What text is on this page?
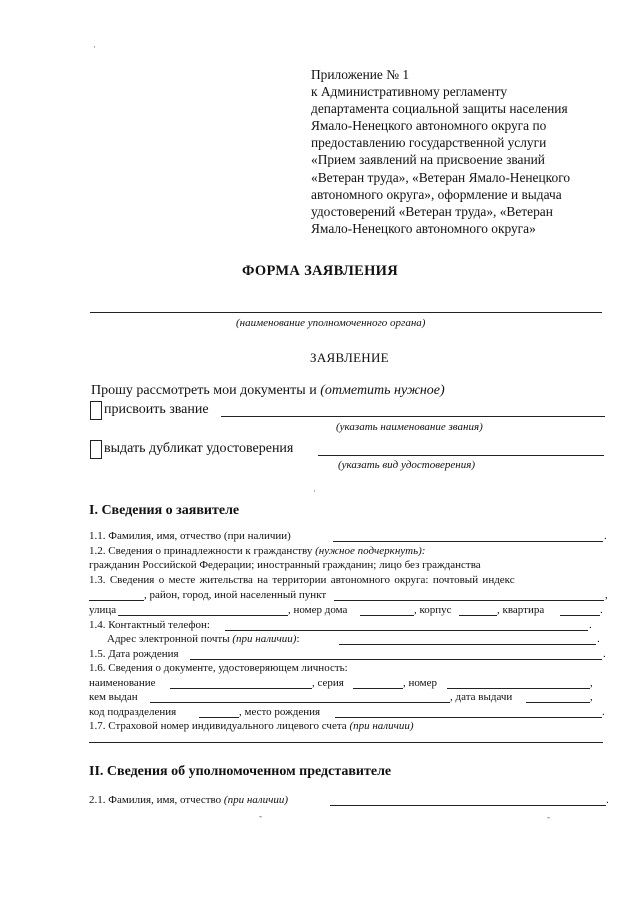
Приложение № 1
к Административному регламенту
департамента социальной защиты населения
Ямало-Ненецкого автономного округа по
предоставлению государственной услуги
«Прием заявлений на присвоение званий
«Ветеран труда», «Ветеран Ямало-Ненецкого
автономного округа», оформление и выдача
удостоверений «Ветеран труда», «Ветеран
Ямало-Ненецкого автономного округа»
ФОРМА ЗАЯВЛЕНИЯ
(наименование уполномоченного органа)
ЗАЯВЛЕНИЕ
Прошу рассмотреть мои документы и (отметить нужное)
присвоить звание
(указать наименование звания)
выдать дубликат удостоверения
(указать вид удостоверения)
I. Сведения о заявителе
1.1. Фамилия, имя, отчество (при наличии)	.
1.2. Сведения о принадлежности к гражданству (нужное подчеркнуть):
гражданин Российской Федерации; иностранный гражданин; лицо без гражданства
1.3. Сведения о месте жительства на территории автономного округа: почтовый индекс
, район, город, иной населенный пункт	,
улица	, номер дома	, корпус	, квартира	.
1.4. Контактный телефон:	.
Адрес электронной почты (при наличии):	.
1.5. Дата рождения	.
1.6. Сведения о документе, удостоверяющем личность:
наименование	, серия	, номер	,
кем выдан	, дата выдачи	,
код подразделения	, место рождения	.
1.7. Страховой номер индивидуального лицевого счета (при наличии)
II. Сведения об уполномоченном представителе
2.1. Фамилия, имя, отчество (при наличии)	.
·
·
-	-
